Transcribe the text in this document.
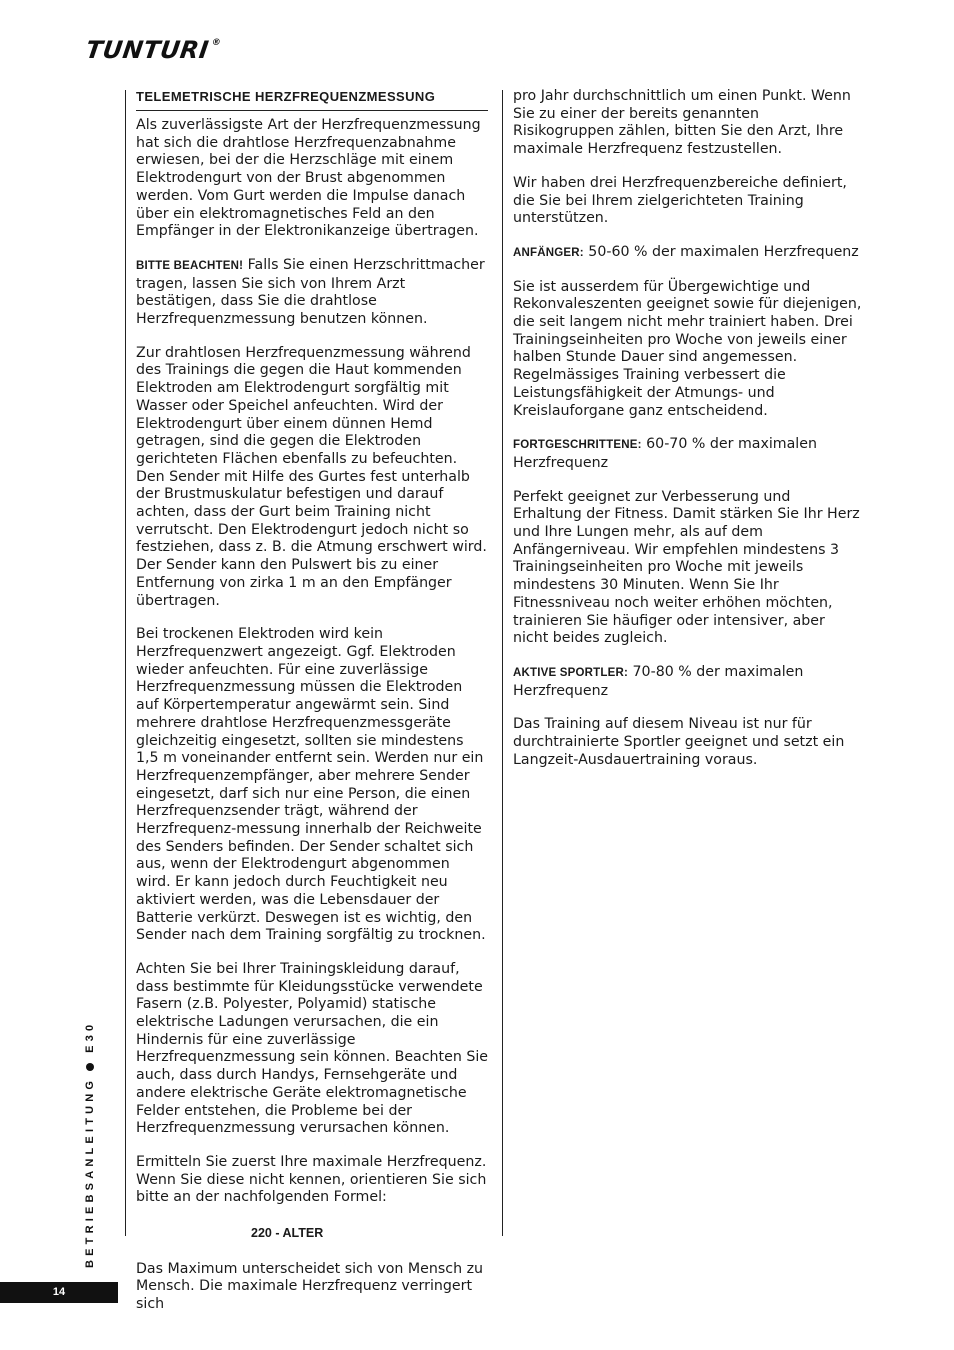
TUNTURI®

TELEMETRISCHE HERZFREQUENZMESSUNG

Als zuverlässigste Art der Herzfrequenzmessung hat sich die drahtlose Herzfrequenzabnahme erwiesen, bei der die Herzschläge mit einem Elektrodengurt von der Brust abgenommen werden. Vom Gurt werden die Impulse danach über ein elektromagnetisches Feld an den Empfänger in der Elektronikanzeige übertragen.

BITTE BEACHTEN! Falls Sie einen Herzschrittmacher tragen, lassen Sie sich von Ihrem Arzt bestätigen, dass Sie die drahtlose Herzfrequenzmessung benutzen können.

Zur drahtlosen Herzfrequenzmessung während des Trainings die gegen die Haut kommenden Elektroden am Elektrodengurt sorgfältig mit Wasser oder Speichel anfeuchten. Wird der Elektrodengurt über einem dünnen Hemd getragen, sind die gegen die Elektroden gerichteten Flächen ebenfalls zu befeuchten. Den Sender mit Hilfe des Gurtes fest unterhalb der Brustmuskulatur befestigen und darauf achten, dass der Gurt beim Training nicht verrutscht. Den Elektrodengurt jedoch nicht so festziehen, dass z. B. die Atmung erschwert wird. Der Sender kann den Pulswert bis zu einer Entfernung von zirka 1 m an den Empfänger übertragen.

Bei trockenen Elektroden wird kein Herzfrequenzwert angezeigt. Ggf. Elektroden wieder anfeuchten. Für eine zuverlässige Herzfrequenzmessung müssen die Elektroden auf Körpertemperatur angewärmt sein. Sind mehrere drahtlose Herzfrequenzmessgeräte gleichzeitig eingesetzt, sollten sie mindestens 1,5 m voneinander entfernt sein. Werden nur ein Herzfrequenzempfänger, aber mehrere Sender eingesetzt, darf sich nur eine Person, die einen Herzfrequenzsender trägt, während der Herzfrequenz-messung innerhalb der Reichweite des Senders befinden. Der Sender schaltet sich aus, wenn der Elektrodengurt abgenommen wird. Er kann jedoch durch Feuchtigkeit neu aktiviert werden, was die Lebensdauer der Batterie verkürzt. Deswegen ist es wichtig, den Sender nach dem Training sorgfältig zu trocknen.

Achten Sie bei Ihrer Trainingskleidung darauf, dass bestimmte für Kleidungsstücke verwendete Fasern (z.B. Polyester, Polyamid) statische elektrische Ladungen verursachen, die ein Hindernis für eine zuverlässige Herzfrequenzmessung sein können. Beachten Sie auch, dass durch Handys, Fernsehgeräte und andere elektrische Geräte elektromagnetische Felder entstehen, die Probleme bei der Herzfrequenzmessung verursachen können.

Ermitteln Sie zuerst Ihre maximale Herzfrequenz. Wenn Sie diese nicht kennen, orientieren Sie sich bitte an der nachfolgenden Formel:

220 - ALTER

Das Maximum unterscheidet sich von Mensch zu Mensch. Die maximale Herzfrequenz verringert sich

pro Jahr durchschnittlich um einen Punkt. Wenn Sie zu einer der bereits genannten Risikogruppen zählen, bitten Sie den Arzt, Ihre maximale Herzfrequenz festzustellen.

Wir haben drei Herzfrequenzbereiche definiert, die Sie bei Ihrem zielgerichteten Training unterstützen.

ANFÄNGER: 50-60 % der maximalen Herzfrequenz

Sie ist ausserdem für Übergewichtige und Rekonvaleszenten geeignet sowie für diejenigen, die seit langem nicht mehr trainiert haben. Drei Trainingseinheiten pro Woche von jeweils einer halben Stunde Dauer sind angemessen. Regelmässiges Training verbessert die Leistungsfähigkeit der Atmungs- und Kreislauforgane ganz entscheidend.

FORTGESCHRITTENE: 60-70 % der maximalen Herzfrequenz

Perfekt geeignet zur Verbesserung und Erhaltung der Fitness. Damit stärken Sie Ihr Herz und Ihre Lungen mehr, als auf dem Anfängerniveau. Wir empfehlen mindestens 3 Trainingseinheiten pro Woche mit jeweils mindestens 30 Minuten. Wenn Sie Ihr Fitnessniveau noch weiter erhöhen möchten, trainieren Sie häufiger oder intensiver, aber nicht beides zugleich.

AKTIVE SPORTLER: 70-80 % der maximalen Herzfrequenz

Das Training auf diesem Niveau ist nur für durchtrainierte Sportler geeignet und setzt ein Langzeit-Ausdauertraining voraus.

BETRIEBSANLEITUNGE30
14
